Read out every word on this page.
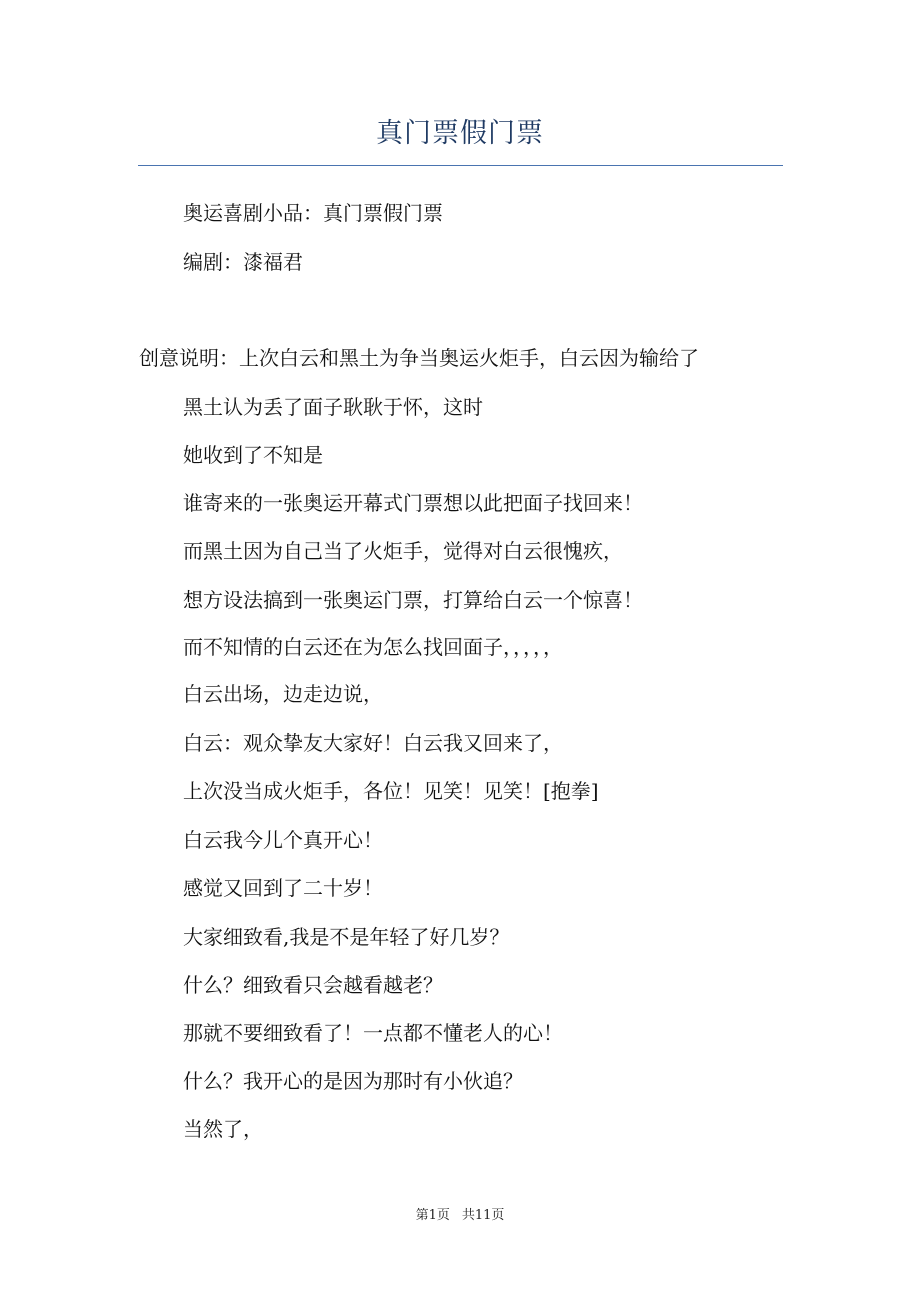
真门票假门票
奥运喜剧小品：真门票假门票
编剧：漆福君
创意说明：上次白云和黑土为争当奥运火炬手，白云因为输给了
黑土认为丢了面子耿耿于怀，这时
她收到了不知是
谁寄来的一张奥运开幕式门票想以此把面子找回来！
而黑土因为自己当了火炬手，觉得对白云很愧疚，
想方设法搞到一张奥运门票，打算给白云一个惊喜！
而不知情的白云还在为怎么找回面子，，，，，
白云出场，边走边说，
白云：观众挚友大家好！白云我又回来了，
上次没当成火炬手，各位！见笑！见笑！[抱拳]
白云我今儿个真开心！
感觉又回到了二十岁！
大家细致看,我是不是年轻了好几岁？
什么？细致看只会越看越老？
那就不要细致看了！一点都不懂老人的心！
什么？我开心的是因为那时有小伙追？
当然了，
第1页 共11页
